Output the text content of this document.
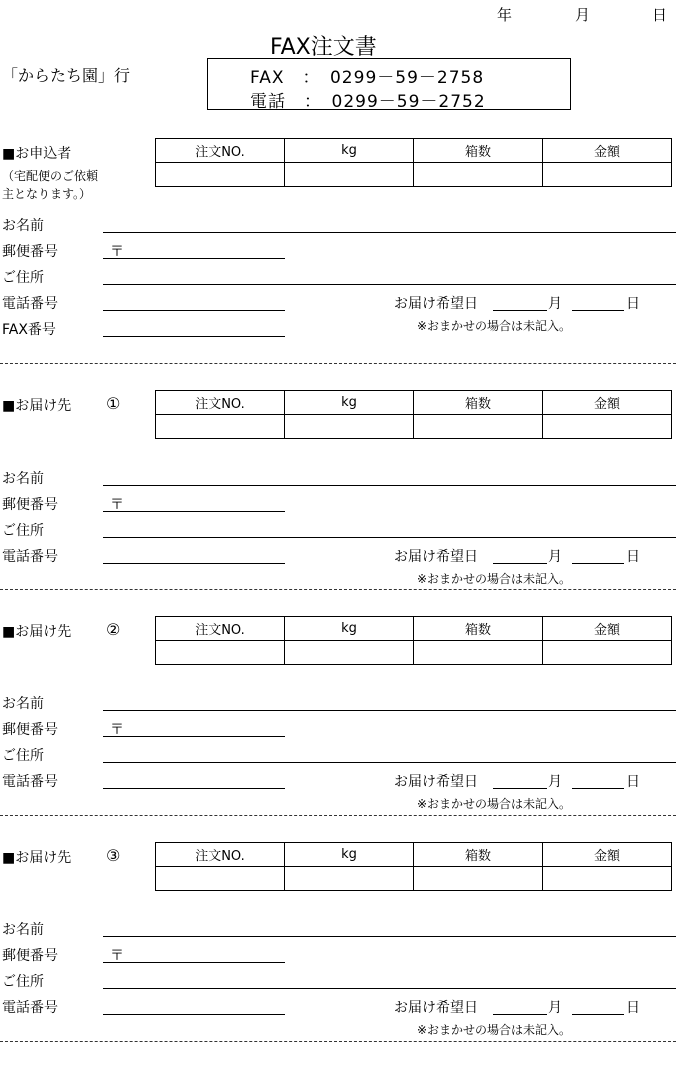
年	月	日
FAX注文書
「からたち園」行	FAX　：　0299－59－2758
電話　：　0299－59－2752
■お申込者
（宅配便のご依頼
主となります。）
注文NO.	kg	箱数	金額

お名前
郵便番号	〒
ご住所
電話番号	お届け希望日	月	日
FAX番号	※おまかせの場合は未記入。
■お届け先 ①	注文NO.	kg	箱数	金額

お名前
郵便番号	〒
ご住所
電話番号	お届け希望日	月	日
※おまかせの場合は未記入。
■お届け先 ②	注文NO.	kg	箱数	金額

お名前
郵便番号	〒
ご住所
電話番号	お届け希望日	月	日
※おまかせの場合は未記入。
■お届け先 ③	注文NO.	kg	箱数	金額

お名前
郵便番号	〒
ご住所
電話番号	お届け希望日	月	日
※おまかせの場合は未記入。
